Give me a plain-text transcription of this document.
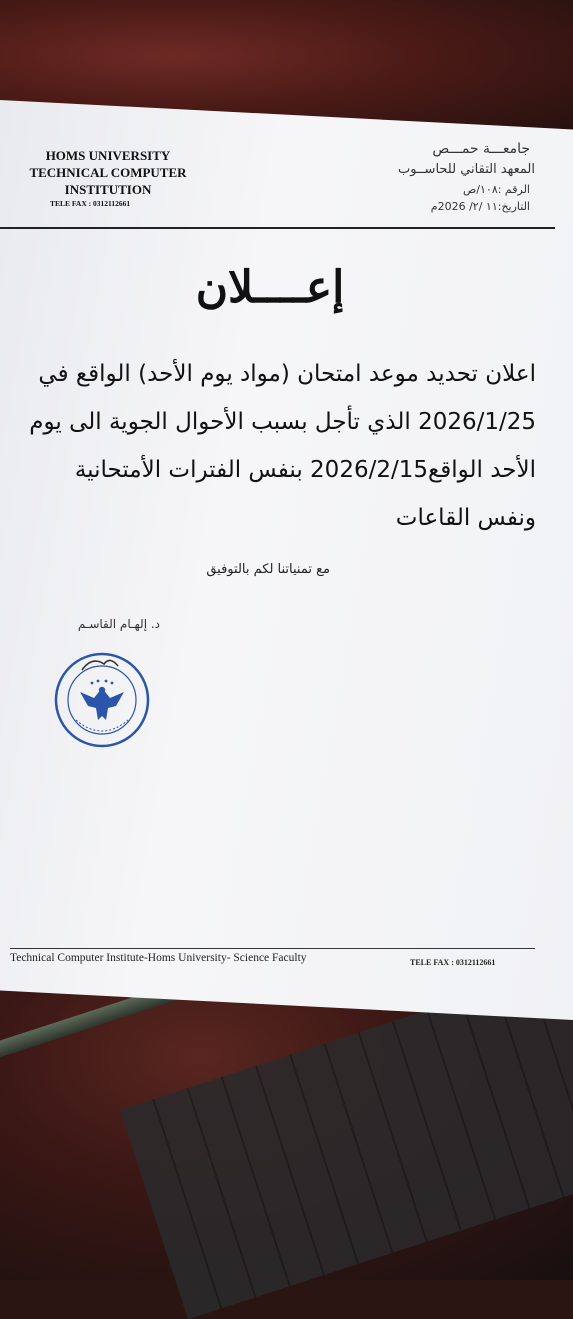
HOMS UNIVERSITY
TECHNICAL COMPUTER
INSTITUTION
TELE FAX : 0312112661
جامعـــة حمـــص
المعهد التقاني للحاســوب
الرقم :١٠٨/ص
التاريخ:١١ /٢/ 2026م
إعــــلان
اعلان تحديد موعد امتحان (مواد يوم الأحد) الواقع في
2026/1/25 الذي تأجل بسبب الأحوال الجوية الى يوم
الأحد الواقع2026/2/15 بنفس الفترات الأمتحانية
ونفس القاعات
مع تمنياتنا لكم بالتوفيق
د. إلهـام القاسـم
Technical Computer Institute-Homs University- Science Faculty	TELE FAX : 0312112661
